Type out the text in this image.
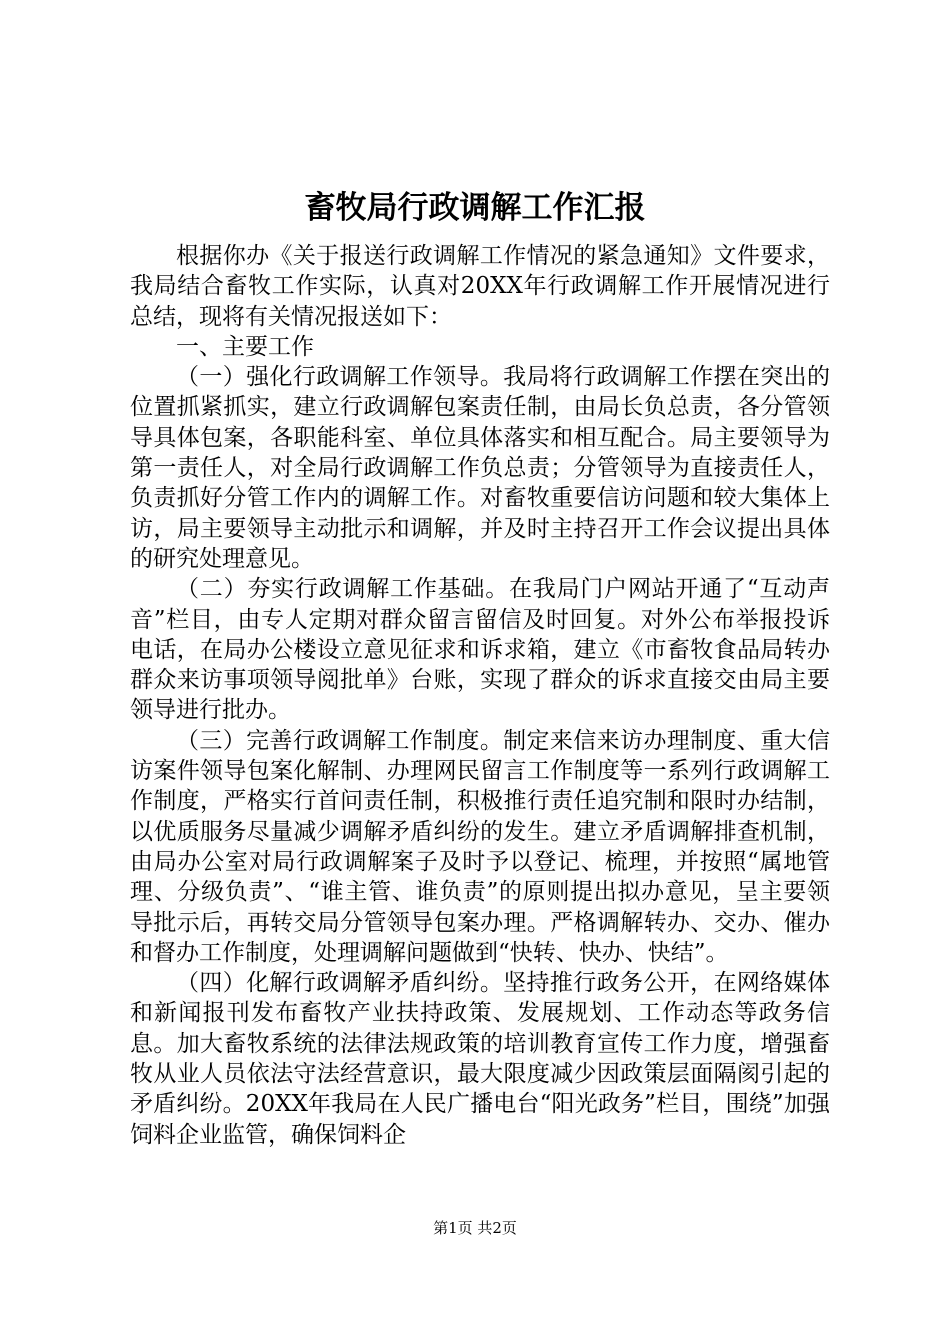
畜牧局行政调解工作汇报

根据你办《关于报送行政调解工作情况的紧急通知》文件要求，我局结合畜牧工作实际，认真对20XX年行政调解工作开展情况进行总结，现将有关情况报送如下：

一、主要工作

（一）强化行政调解工作领导。我局将行政调解工作摆在突出的位置抓紧抓实，建立行政调解包案责任制，由局长负总责，各分管领导具体包案，各职能科室、单位具体落实和相互配合。局主要领导为第一责任人，对全局行政调解工作负总责；分管领导为直接责任人，负责抓好分管工作内的调解工作。对畜牧重要信访问题和较大集体上访，局主要领导主动批示和调解，并及时主持召开工作会议提出具体的研究处理意见。

（二）夯实行政调解工作基础。在我局门户网站开通了“互动声音”栏目，由专人定期对群众留言留信及时回复。对外公布举报投诉电话，在局办公楼设立意见征求和诉求箱，建立《市畜牧食品局转办群众来访事项领导阅批单》台账，实现了群众的诉求直接交由局主要领导进行批办。

（三）完善行政调解工作制度。制定来信来访办理制度、重大信访案件领导包案化解制、办理网民留言工作制度等一系列行政调解工作制度，严格实行首问责任制，积极推行责任追究制和限时办结制，以优质服务尽量减少调解矛盾纠纷的发生。建立矛盾调解排查机制，由局办公室对局行政调解案子及时予以登记、梳理，并按照“属地管理、分级负责”、“谁主管、谁负责”的原则提出拟办意见，呈主要领导批示后，再转交局分管领导包案办理。严格调解转办、交办、催办和督办工作制度，处理调解问题做到“快转、快办、快结”。

（四）化解行政调解矛盾纠纷。坚持推行政务公开，在网络媒体和新闻报刊发布畜牧产业扶持政策、发展规划、工作动态等政务信息。加大畜牧系统的法律法规政策的培训教育宣传工作力度，增强畜牧从业人员依法守法经营意识，最大限度减少因政策层面隔阂引起的矛盾纠纷。20XX年我局在人民广播电台“阳光政务”栏目，围绕”加强饲料企业监管，确保饲料企

第1页 共2页
